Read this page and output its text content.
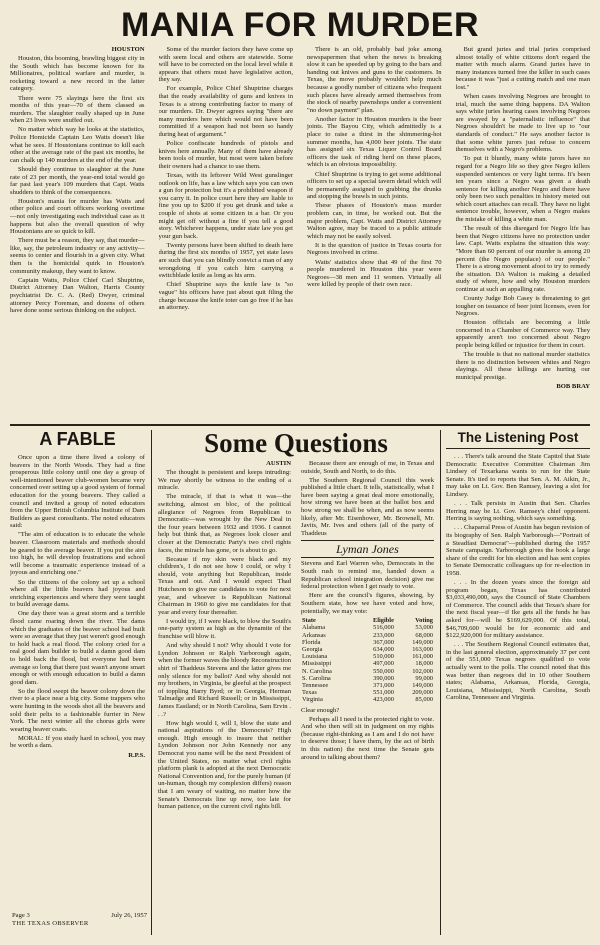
MANIA FOR MURDER

HOUSTON

Houston, this booming, brawling biggest city in the South which has become known for its Millionaires, political warfare and murder, is rocketing toward a new record in the latter category.

There were 75 slayings here the first six months of this year—70 of them classed as murders. The slaughter really shaped up in June when 23 lives were snuffed out.

No matter which way he looks at the statistics, Police Homicide Captain Leo Watts doesn't like what he sees. If Houstonians continue to kill each other at the average rate of the past six months, he can chalk up 140 murders at the end of the year.

Should they continue to slaughter at the June rate of 23 per month, the year-end total would go far past last year's 109 murders that Capt. Watts shudders to think of the consequences.

Houston's mania for murder has Watts and other police and court officers working overtime—not only investigating each individual case as it happens but also the overall question of why Houstonians are so quick to kill.

There must be a reason, they say, that murder—like, say, the petroleum industry or any activity—seems to center and flourish in a given city. What then is the homicidal quirk in Houston's community makeup, they want to know.

Captain Watts, Police Chief Carl Shuptrine, District Attorney Dan Walton, Harris County psychiatrist Dr. C. A. (Red) Dwyer, criminal attorney Percy Foreman, and dozens of others have done some serious thinking on the subject.

Some of the murder factors they have come up with seem local and others are statewide. Some will have to be corrected on the local level while it appears that others must have legislative action, they say.

For example, Police Chief Shuptrine charges that the ready availability of guns and knives in Texas is a strong contributing factor to many of our murders. Dr. Dwyer agrees saying "there are many murders here which would not have been committed if a weapon had not been so handy during heat of argument."

Police confiscate hundreds of pistols and knives here annually. Many of them have already been tools of murder, but most were taken before their owners had a chance to use them.

Texas, with its leftover Wild West gunslinger outlook on life, has a law which says you can own a gun for protection but it's a prohibited weapon if you carry it. In police court here they are liable to fine you up to $200 if you get drunk and take a couple of shots at some citizen in a bar. Or you might get off without a fine if you tell a good story. Whichever happens, under state law you get your gun back.

Twenty persons have been shifted to death here during the first six months of 1957, yet state laws are such that you can blindly convict a man of any wrongdoing if you catch him carrying a switchblade knife as long as his arm.

Chief Shuptrine says the knife law is "so vague" his officers have just about quit filing the charge because the knife toter can go free if he has an attorney.

There is an old, probably bad joke among newspapermen that when the news is breaking slow it can be speeded up by going to the bars and handing out knives and guns to the customers. In Texas, the move probably wouldn't help much because a goodly number of citizens who frequent such places have already armed themselves from the stock of nearby pawnshops under a convenient "no down payment" plan.

Another factor in Houston murders is the beer joints. The Bayou City, which admittedly is a place to raise a thirst in the shimmering-hot summer months, has 4,000 beer joints. The state has assigned six Texas Liquor Control Board officers the task of riding herd on these places, which is an obvious impossibility.

Chief Shuptrine is trying to get some additional officers to set up a special tavern detail which will be permanently assigned to grabbing the drunks and stopping the brawls in such joints.

These phases of Houston's mass murder problem can, in time, be worked out. But the major problem, Capt. Watts and District Attorney Walton agree, may be traced to a public attitude which may not be easily solved.

It is the question of justice in Texas courts for Negroes involved in crime.

Watts' statistics show that 49 of the first 70 people murdered in Houston this year were Negroes—38 men and 11 women. Virtually all were killed by people of their own race.

But grand juries and trial juries comprised almost totally of white citizens don't regard the matter with much alarm. Grand juries have in many instances turned free the killer in such cases because it was "just a cutting match and one man lost."

When cases involving Negroes are brought to trial, much the same thing happens. DA Walton says white juries hearing cases involving Negroes are swayed by a "paternalistic influence" that Negroes shouldn't be made to live up to "our standards of conduct." He says another factor is that some white jurors just refuse to concern themselves with a Negro's problems.

To put it bluntly, many white jurors have no regard for a Negro life so they give Negro killers suspended sentences or very light terms. It's been ten years since a Negro was given a death sentence for killing another Negro and there have only been two such penalties in history meted out which court attaches can recall. They have no light sentence trouble, however, when a Negro makes the mistake of killing a white man.

The result of this disregard for Negro life has been that Negro citizens have no protection under law. Capt. Watts explains the situation this way: "More than 60 percent of our murder is among 20 percent (the Negro populace) of our people." There is a strong movement afoot to try to remedy the situation. DA Walton is making a detailed study of where, how and why Houston murders continue at such an appalling rate.

County Judge Bob Casey is threatening to get tougher on issuance of beer joint licenses, even for Negroes.

Houston officials are becoming a little concerned in a Chamber of Commerce way. They apparently aren't too concerned about Negro people being killed or injustice for them in court.

The trouble is that no national murder statistics there is no distinction between whites and Negro slayings. All these killings are hurting our municipal prestige.

BOB BRAY

A FABLE

Once upon a time there lived a colony of beavers in the North Woods. They had a fine prosperous little colony until one day a group of well-intentioned beaver club-women became very concerned over setting up a good system of formal education for the young beavers. They called a council and invited a group of noted educators from the Upper British Columbia Institute of Dam Builders as guest consultants. The noted educators said:

"The aim of education is to educate the whole beaver. Classroom materials and methods should be geared to the average beaver. If you put the aim too high, he will develop frustrations and school will become a traumatic experience instead of a joyous and enriching one."

So the citizens of the colony set up a school where all the little beavers had joyous and enriching experiences and where they were taught to build average dams.

One day there was a great storm and a terrible flood came roaring down the river. The dams which the graduates of the beaver school had built were so average that they just weren't good enough to hold back a real flood. The colony cried for a real good dam builder to build a damn good dam to hold back the flood, but everyone had been average so long that there just wasn't anyone smart enough or with enough education to build a damn good dam.

So the flood swept the beaver colony down the river to a place near a big city. Some trappers who were hunting in the woods shot all the beavers and sold their pelts to a fashionable furrier in New York. The next winter all the chorus girls were wearing beaver coats.

MORAL: If you study hard in school, you may be worth a dam.

R.P.S.

Page 3	July 26, 1957
THE TEXAS OBSERVER
Some Questions

AUSTIN

The thought is persistent and keeps intruding: We may shortly be witness to the ending of a miracle.

The miracle, if that is what it was—the switching, almost en bloc, of the political allegiance of Negroes from Republican to Democratic—was wrought by the New Deal in the four years between 1932 and 1936. I cannot help but think that, as Negroes look closer and closer at the Democratic Party's two civil rights faces, the miracle has gone, or is about to go.

Because if my skin were black and my children's, I do not see how I could, or why I should, vote anything but Republican, inside Texas and out. And I would expect Thad Hutcheson to give me candidates to vote for next year, and whoever is Republican National Chairman in 1960 to give me candidates for that year and every four thereafter.

I would try, if I were black, to blow the South's one-party system as high as the dynamite of the franchise will blow it.

And why should I not? Why should I vote for Lyndon Johnson or Ralph Yarborough again, when the former waves the bloody Reconstruction shirt of Thaddeus Stevens and the latter gives me only silence for my ballot? And why should not my brothers, in Virginia, be gleeful at the prospect of toppling Harry Byrd; or in Georgia, Herman Talmadge and Richard Russell; or in Mississippi, James Eastland; or in North Carolina, Sam Ervin . . .?

How high would I, will I, blow the state and national aspirations of the Democrats? High enough. High enough to insure that neither Lyndon Johnson nor John Kennedy nor any Democrat you name will be the next President of the United States, no matter what civil rights platform plank is adopted at the next Democratic National Convention and, for the purely human (if un-human, though my complexion differs) reason that I am weary of waiting, no matter how the Senate's Democrats line up now, too late for human patience, on the current civil rights bill.

Because there are enough of me, in Texas and outside, South and North, to do this.

The Southern Regional Council this week published a little chart. It tells, statistically, what I have been saying a great deal more emotionally, how strong we have been at the ballot box and how strong we shall be when, and as now seems likely, after Mr. Eisenhower, Mr. Brownell, Mr. Javits, Mr. Ives and others (all of the party of Thaddeus

Lyman Jones

Stevens and Earl Warren who, Democrats in the South rush to remind me, handed down a Republican school integration decision) give me federal protection when I get ready to vote.

Here are the council's figures, showing, by Southern state, how we have voted and how, potentially, we may vote:

State	Eligible	Voting
Alabama	516,000	53,000
Arkansas	233,000	68,000
Florida	367,000	149,000
Georgia	634,000	163,000
Louisiana	510,000	161,000
Mississippi	497,000	18,000
N. Carolina	550,000	102,000
S. Carolina	390,000	99,000
Tennessee	371,000	149,000
Texas	551,000	209,000
Virginia	423,000	85,000

Clear enough?

Perhaps all I need is the protected right to vote. And who then will sit in judgment on my rights (because right-thinking as I am and I do not have to deserve those; I have them, by the act of birth in this nation) the next time the Senate gets around to talking about them?

The Listening Post

. . . There's talk around the State Capitol that State Democratic Executive Committee Chairman Jim Lindsey of Texarkana wants to run for the State Senate. It's tied to reports that Sen. A. M. Aikin, Jr., may take on Lt. Gov. Ben Ramsey, leaving a slot for Lindsey.

. . . Talk persists in Austin that Sen. Charles Herring may be Lt. Gov. Ramsey's chief opponent. Herring is saying nothing, which says something.

. . . Chaparral Press of Austin has begun revision of its biography of Sen. Ralph Yarborough—"Portrait of a Steadfast Democrat"—published during the 1957 Senate campaign. Yarborough gives the book a large share of the credit for his election and has sent copies to Senate Democratic colleagues up for re-election in 1958.

. . . In the dozen years since the foreign aid program began, Texas has contributed $3,033,490,000, says the Council of State Chambers of Commerce. The council adds that Texas's share for the next fiscal year—if Ike gets all the funds he has asked for—will be $169,629,000. Of this total, $46,709,600 would be for economic aid and $122,920,000 for military assistance.

. . . The Southern Regional Council estimates that, in the last general election, approximately 37 per cent of the 551,000 Texas negroes qualified to vote actually went to the polls. The council noted that this was better than negroes did in 10 other Southern states; Alabama, Arkansas, Florida, Georgia, Louisiana, Mississippi, North Carolina, South Carolina, Tennessee and Virginia.
